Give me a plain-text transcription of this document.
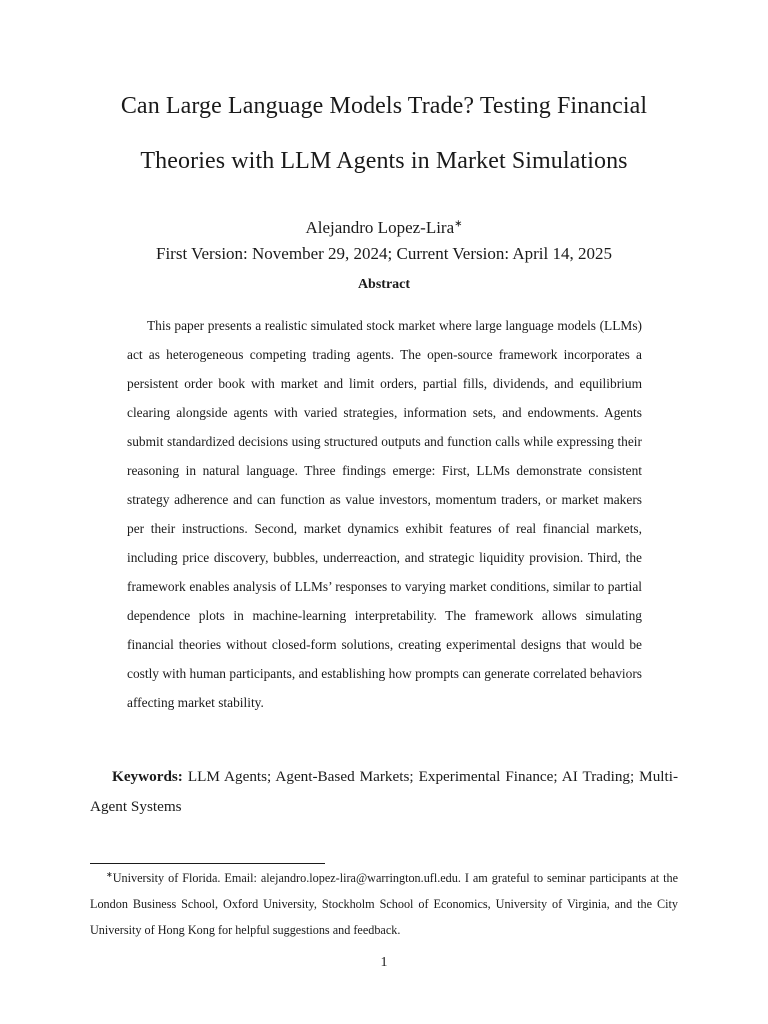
Can Large Language Models Trade? Testing Financial
Theories with LLM Agents in Market Simulations
Alejandro Lopez-Lira∗
First Version: November 29, 2024; Current Version: April 14, 2025
Abstract

This paper presents a realistic simulated stock market where large language models (LLMs) act as heterogeneous competing trading agents. The open-source framework incorporates a persistent order book with market and limit orders, partial fills, dividends, and equilibrium clearing alongside agents with varied strategies, information sets, and endowments. Agents submit standardized decisions using structured outputs and function calls while expressing their reasoning in natural language. Three findings emerge: First, LLMs demonstrate consistent strategy adherence and can function as value investors, momentum traders, or market makers per their instructions. Second, market dynamics exhibit features of real financial markets, including price discovery, bubbles, underreaction, and strategic liquidity provision. Third, the framework enables analysis of LLMs’ responses to varying market conditions, similar to partial dependence plots in machine-learning interpretability. The framework allows simulating financial theories without closed-form solutions, creating experimental designs that would be costly with human participants, and establishing how prompts can generate correlated behaviors affecting market stability.

Keywords: LLM Agents; Agent-Based Markets; Experimental Finance; AI Trading; Multi-Agent Systems

∗University of Florida. Email: alejandro.lopez-lira@warrington.ufl.edu. I am grateful to seminar participants at the London Business School, Oxford University, Stockholm School of Economics, University of Virginia, and the City University of Hong Kong for helpful suggestions and feedback.

1
